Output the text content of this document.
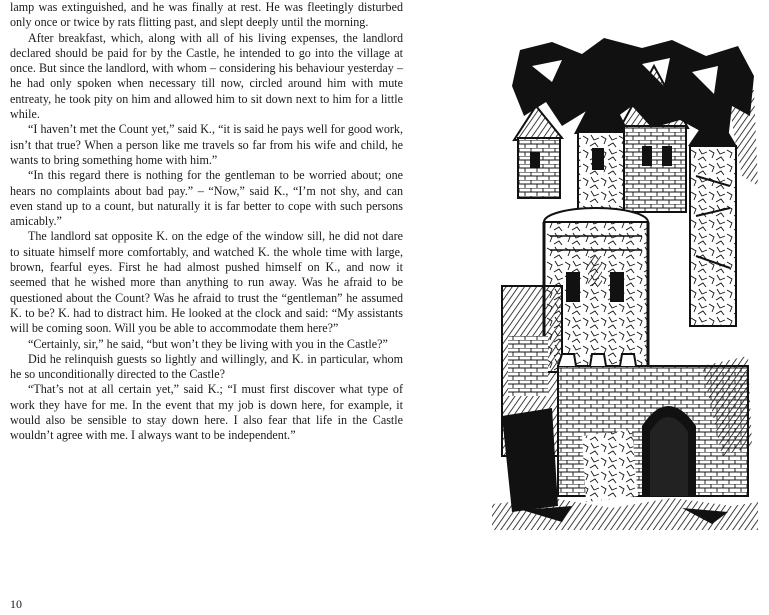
lamp was extinguished, and he was finally at rest. He was fleetingly disturbed only once or twice by rats flitting past, and slept deeply until the morning.

After breakfast, which, along with all of his living expenses, the landlord declared should be paid for by the Castle, he intended to go into the village at once. But since the landlord, with whom – considering his behaviour yesterday – he had only spoken when necessary till now, circled around him with mute entreaty, he took pity on him and allowed him to sit down next to him for a little while.

“I haven’t met the Count yet,” said K., “it is said he pays well for good work, isn’t that true? When a person like me travels so far from his wife and child, he wants to bring something home with him.”

“In this regard there is nothing for the gentleman to be worried about; one hears no complaints about bad pay.” – “Now,” said K., “I’m not shy, and can even stand up to a count, but naturally it is far better to cope with such persons amicably.”

The landlord sat opposite K. on the edge of the window sill, he did not dare to situate himself more comfortably, and watched K. the whole time with large, brown, fearful eyes. First he had almost pushed himself on K., and now it seemed that he wished more than anything to run away. Was he afraid to be questioned about the Count? Was he afraid to trust the “gentleman” he assumed K. to be? K. had to distract him. He looked at the clock and said: “My assistants will be coming soon. Will you be able to accommodate them here?”

“Certainly, sir,” he said, “but won’t they be living with you in the Castle?”

Did he relinquish guests so lightly and willingly, and K. in particular, whom he so unconditionally directed to the Castle?

“That’s not at all certain yet,” said K.; “I must first discover what type of work they have for me. In the event that my job is down here, for example, it would also be sensible to stay down here. I also fear that life in the Castle wouldn’t agree with me. I always want to be independent.”

10
